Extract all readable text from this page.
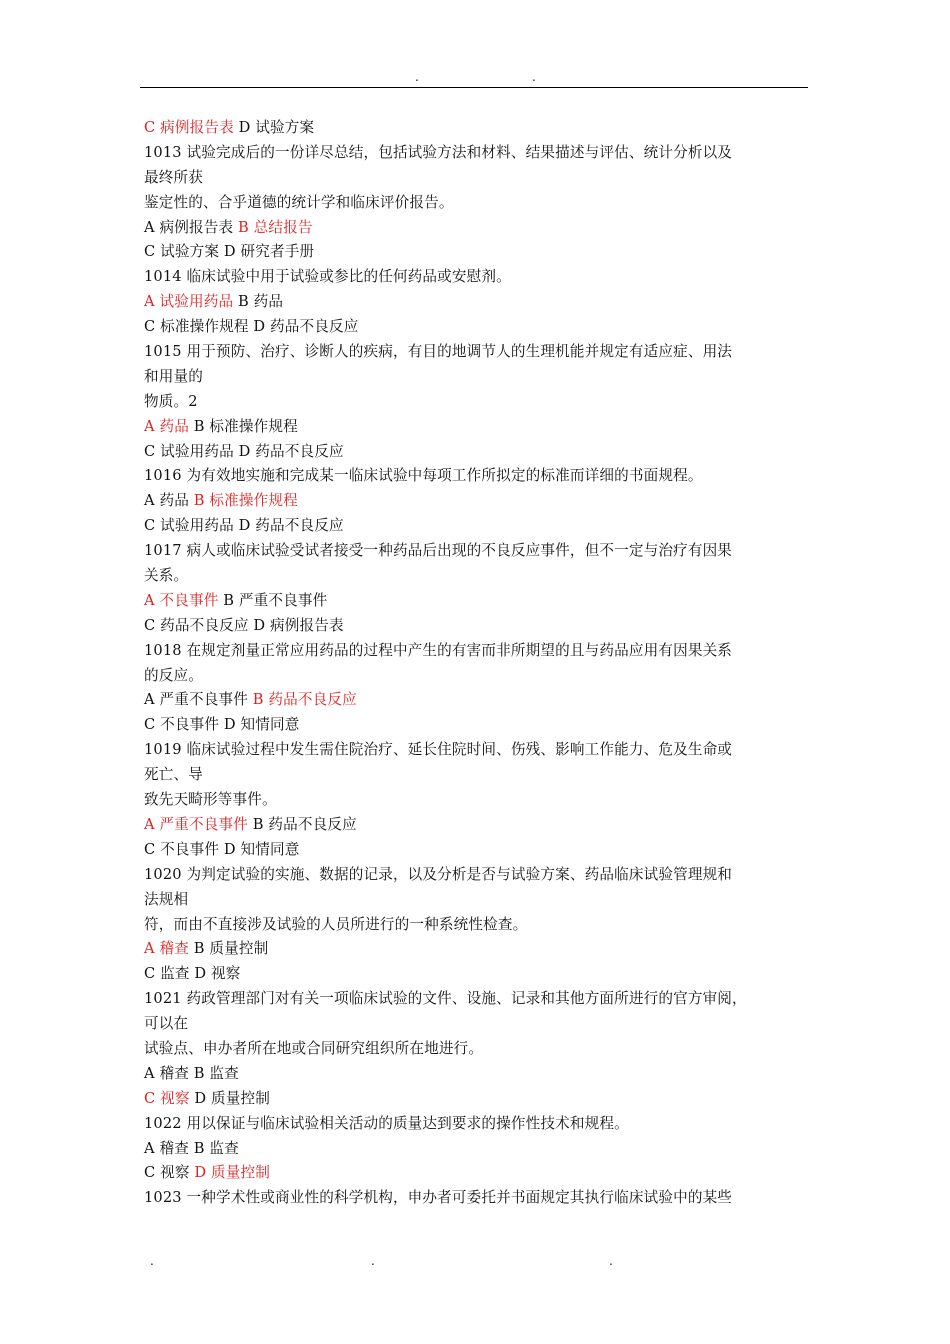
.	.
C 病例报告表 D 试验方案
1013 试验完成后的一份详尽总结，包括试验方法和材料、结果描述与评估、统计分析以及
最终所获
鉴定性的、合乎道德的统计学和临床评价报告。
A 病例报告表 B 总结报告
C 试验方案 D 研究者手册
1014 临床试验中用于试验或参比的任何药品或安慰剂。
A 试验用药品 B 药品
C 标准操作规程 D 药品不良反应
1015 用于预防、治疗、诊断人的疾病，有目的地调节人的生理机能并规定有适应症、用法
和用量的
物质。2
A 药品 B 标准操作规程
C 试验用药品 D 药品不良反应
1016 为有效地实施和完成某一临床试验中每项工作所拟定的标准而详细的书面规程。
A 药品 B 标准操作规程
C 试验用药品 D 药品不良反应
1017 病人或临床试验受试者接受一种药品后出现的不良反应事件，但不一定与治疗有因果
关系。
A 不良事件 B 严重不良事件
C 药品不良反应 D 病例报告表
1018 在规定剂量正常应用药品的过程中产生的有害而非所期望的且与药品应用有因果关系
的反应。
A 严重不良事件 B 药品不良反应
C 不良事件 D 知情同意
1019 临床试验过程中发生需住院治疗、延长住院时间、伤残、影响工作能力、危及生命或
死亡、导
致先天畸形等事件。
A 严重不良事件 B 药品不良反应
C 不良事件 D 知情同意
1020 为判定试验的实施、数据的记录，以及分析是否与试验方案、药品临床试验管理规和
法规相
符，而由不直接涉及试验的人员所进行的一种系统性检查。
A 稽查 B 质量控制
C 监查 D 视察
1021 药政管理部门对有关一项临床试验的文件、设施、记录和其他方面所进行的官方审阅，
可以在
试验点、申办者所在地或合同研究组织所在地进行。
A 稽查 B 监查
C 视察 D 质量控制
1022 用以保证与临床试验相关活动的质量达到要求的操作性技术和规程。
A 稽查 B 监查
C 视察 D 质量控制
1023 一种学术性或商业性的科学机构，申办者可委托并书面规定其执行临床试验中的某些
.	.	.
